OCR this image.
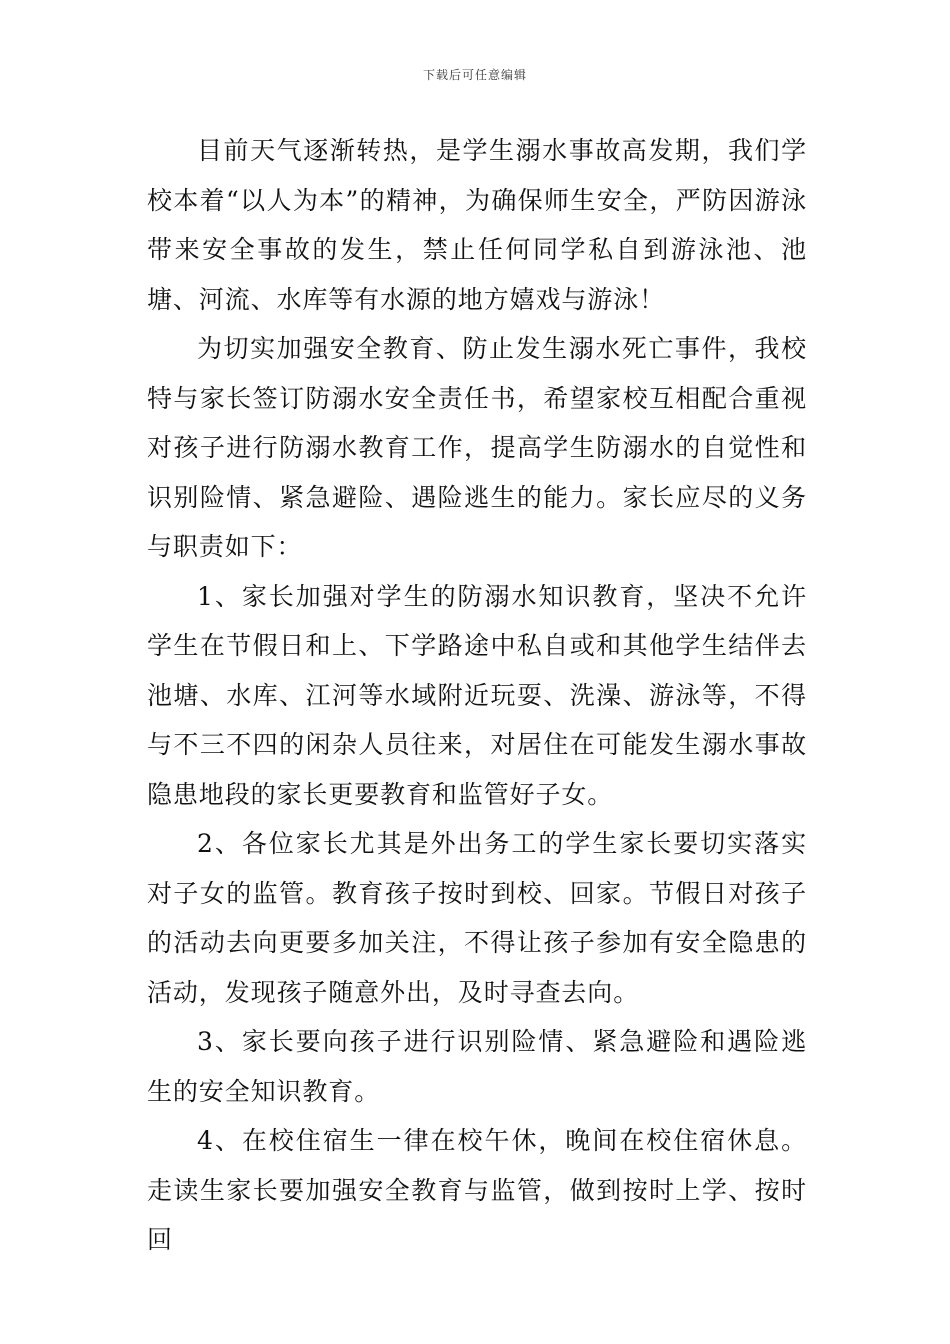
下载后可任意编辑

目前天气逐渐转热，是学生溺水事故高发期，我们学校本着“以人为本”的精神，为确保师生安全，严防因游泳带来安全事故的发生，禁止任何同学私自到游泳池、池塘、河流、水库等有水源的地方嬉戏与游泳！

为切实加强安全教育、防止发生溺水死亡事件，我校特与家长签订防溺水安全责任书，希望家校互相配合重视对孩子进行防溺水教育工作，提高学生防溺水的自觉性和识别险情、紧急避险、遇险逃生的能力。家长应尽的义务与职责如下：

1、家长加强对学生的防溺水知识教育，坚决不允许学生在节假日和上、下学路途中私自或和其他学生结伴去池塘、水库、江河等水域附近玩耍、洗澡、游泳等，不得与不三不四的闲杂人员往来，对居住在可能发生溺水事故隐患地段的家长更要教育和监管好子女。

2、各位家长尤其是外出务工的学生家长要切实落实对子女的监管。教育孩子按时到校、回家。节假日对孩子的活动去向更要多加关注，不得让孩子参加有安全隐患的活动，发现孩子随意外出，及时寻查去向。

3、家长要向孩子进行识别险情、紧急避险和遇险逃生的安全知识教育。

4、在校住宿生一律在校午休，晚间在校住宿休息。走读生家长要加强安全教育与监管，做到按时上学、按时回
